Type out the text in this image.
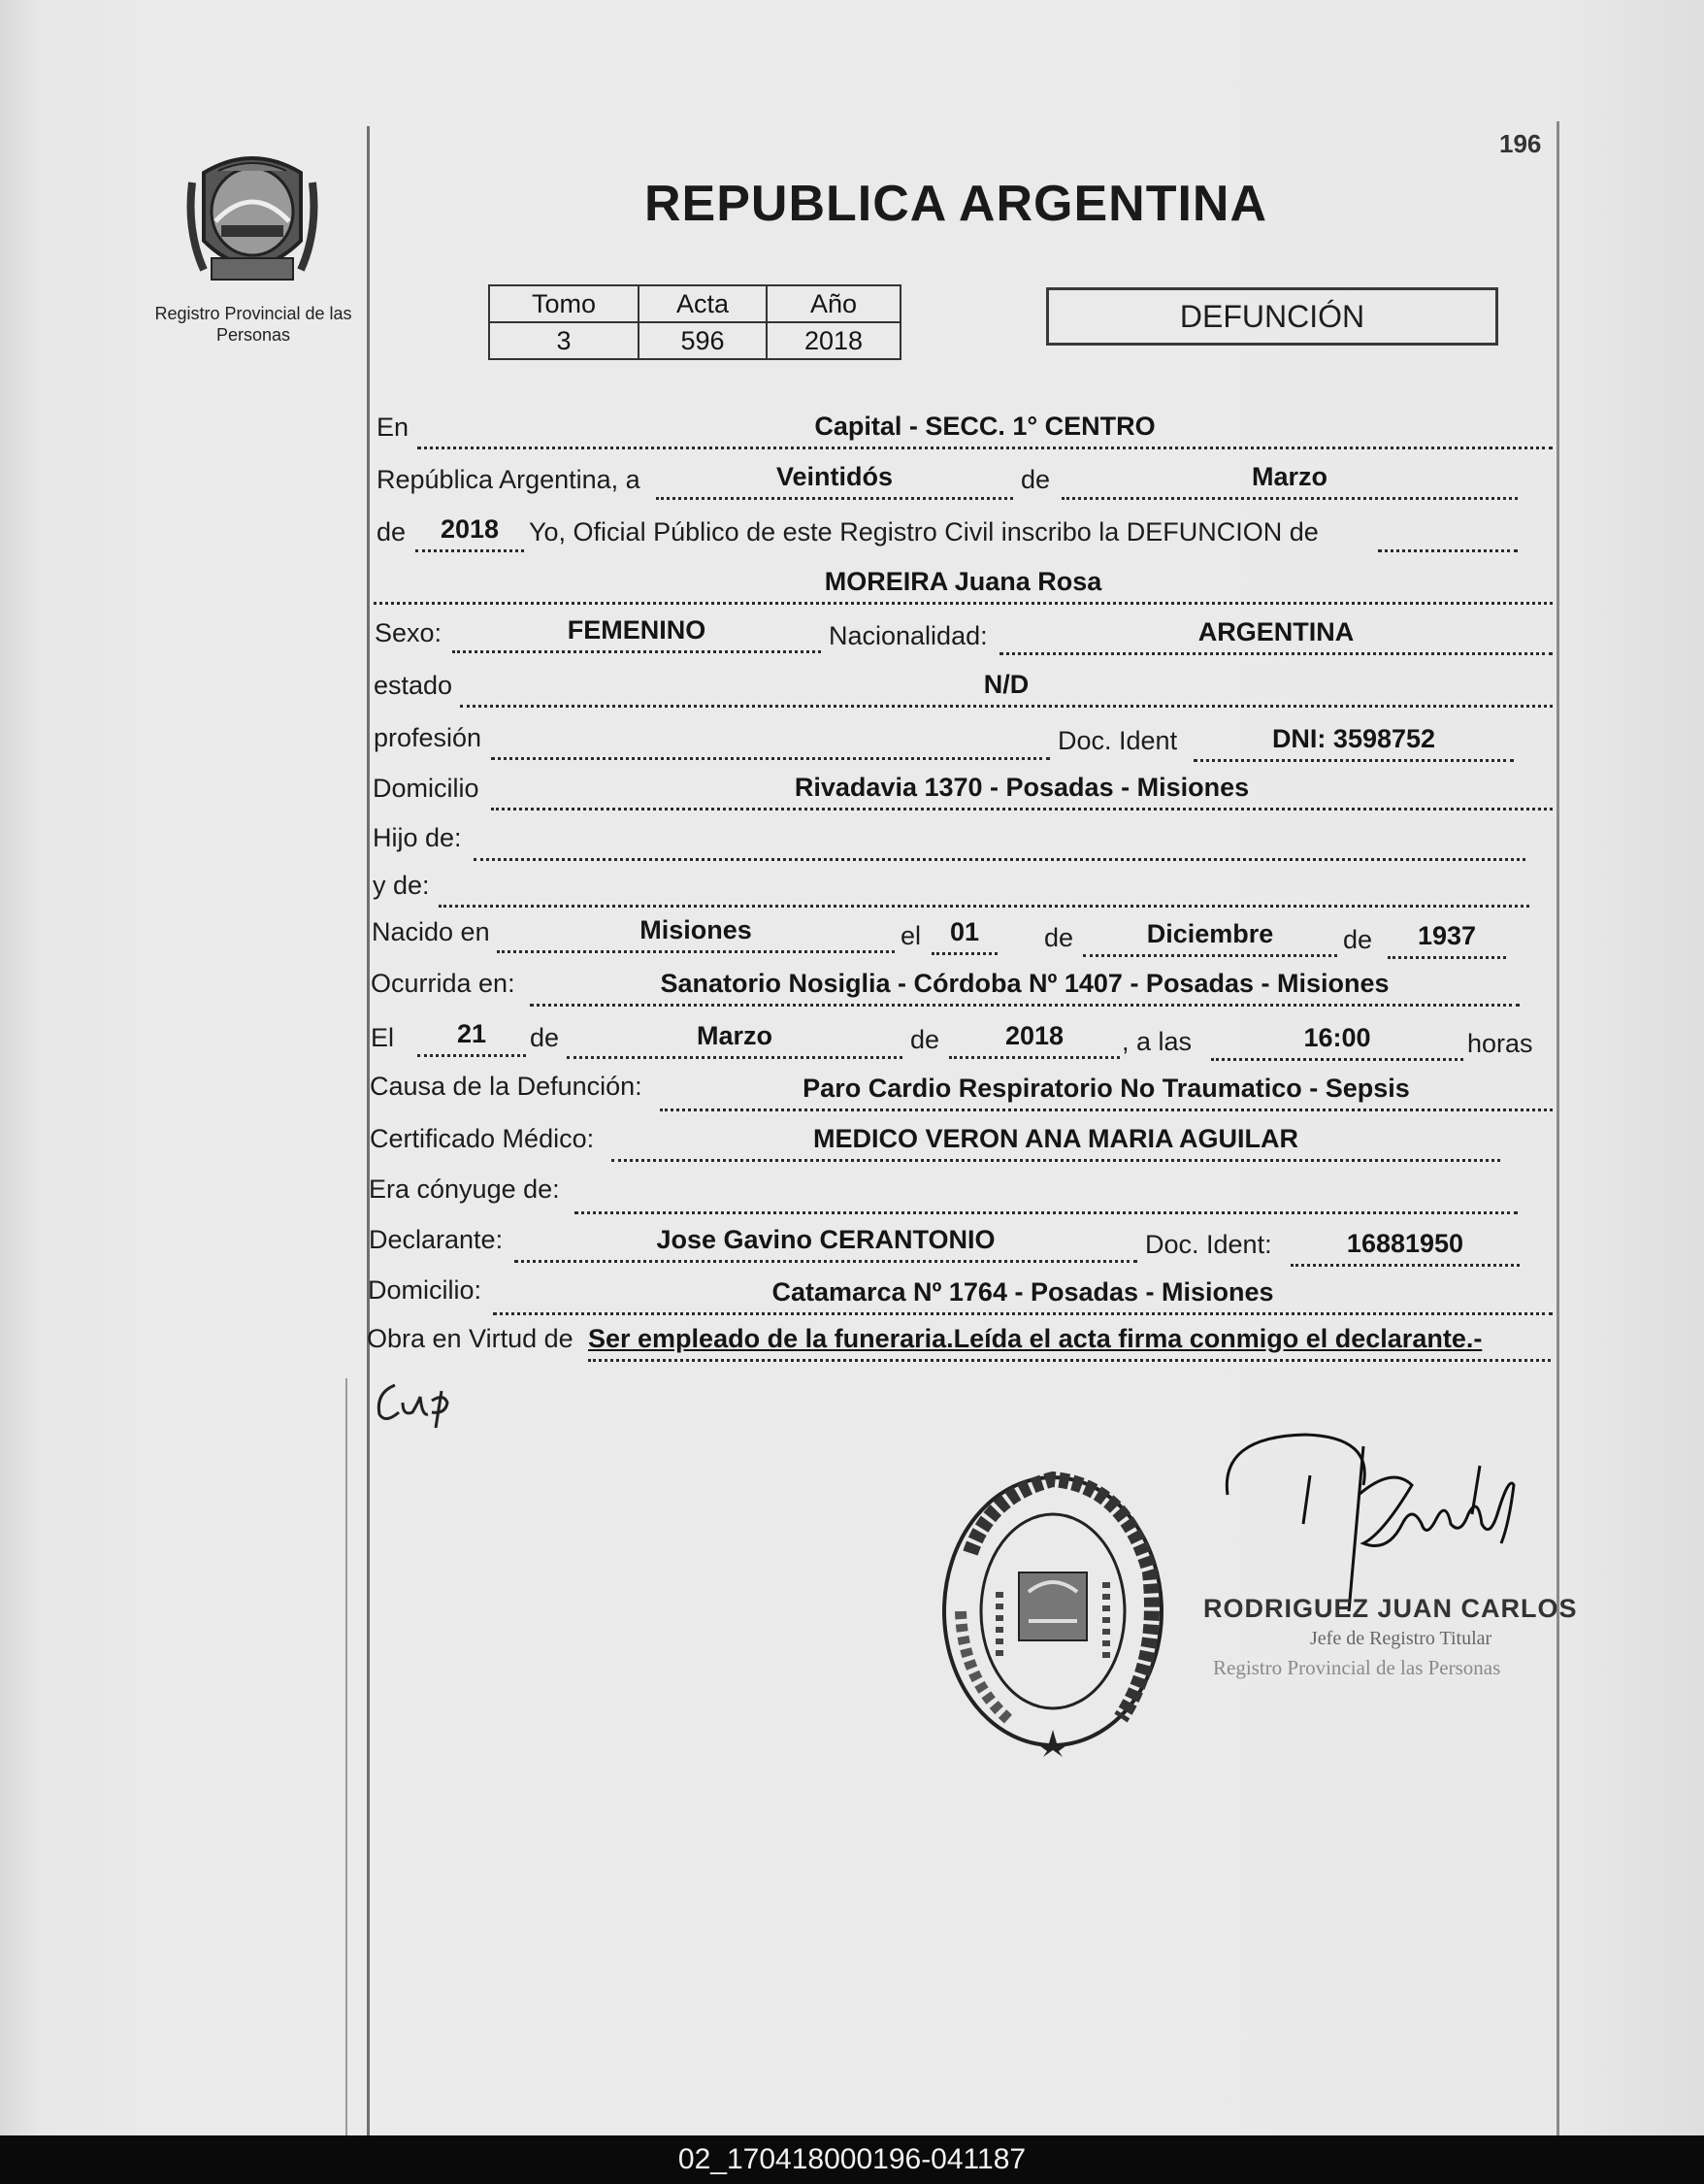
Registro Provincial de las Personas
196
REPUBLICA ARGENTINA
Tomo	Acta	Año
3	596	2018
DEFUNCIÓN
En	Capital - SECC. 1° CENTRO
República Argentina, a	Veintidós	de	Marzo
de	2018	Yo, Oficial Público de este Registro Civil inscribo la DEFUNCION de
MOREIRA Juana Rosa
Sexo:	FEMENINO	Nacionalidad:	ARGENTINA
estado	N/D
profesión	Doc. Ident	DNI: 3598752
Domicilio	Rivadavia 1370 - Posadas - Misiones
Hijo de:
y de:
Nacido en	Misiones	el	01	de	Diciembre	de	1937
Ocurrida en:	Sanatorio Nosiglia - Córdoba Nº 1407 - Posadas - Misiones
El	21	de	Marzo	de	2018	, a las	16:00	horas
Causa de la Defunción:	Paro Cardio Respiratorio No Traumatico - Sepsis
Certificado Médico:	MEDICO VERON ANA MARIA AGUILAR
Era cónyuge de:
Declarante:	Jose Gavino CERANTONIO	Doc. Ident:	16881950
Domicilio:	Catamarca Nº 1764 - Posadas - Misiones
Obra en Virtud de Ser empleado de la funeraria.Leída el acta firma conmigo el declarante.-
RODRIGUEZ JUAN CARLOS
Jefe de Registro Titular
Registro Provincial de las Personas
02_170418000196-041187
